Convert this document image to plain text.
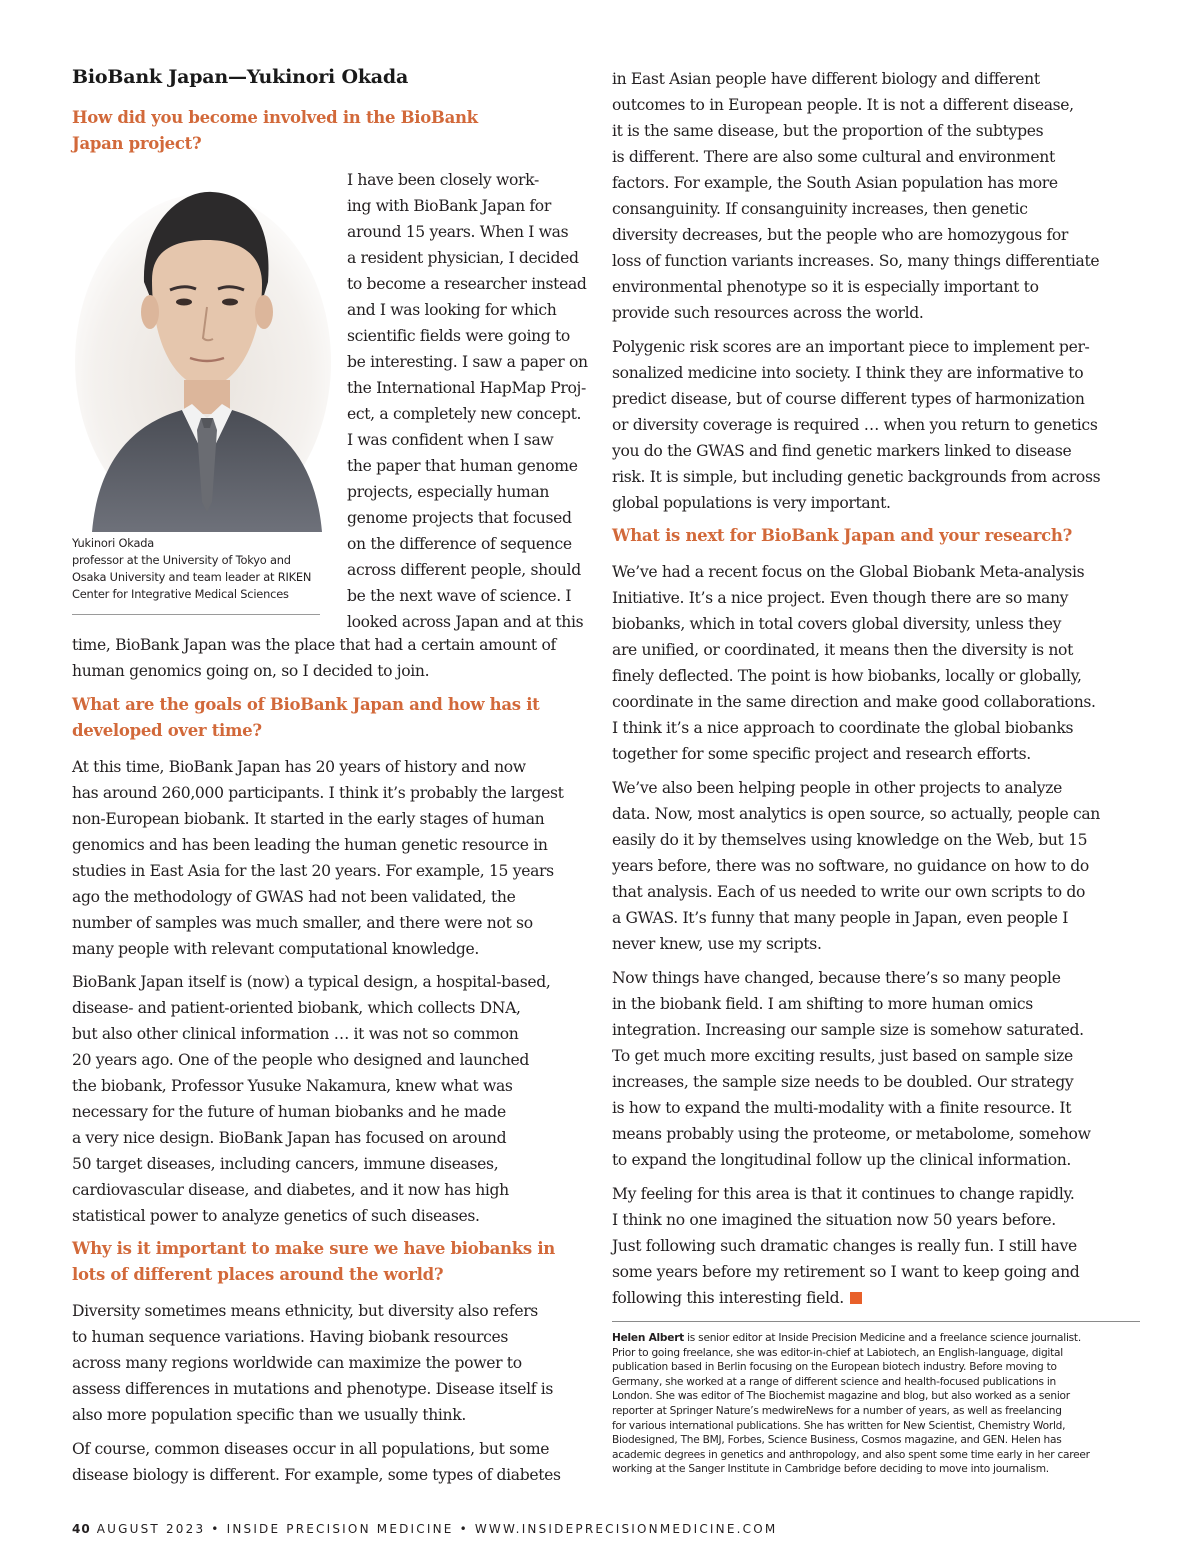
BioBank Japan—Yukinori Okada
How did you become involved in the BioBank
Japan project?

Yukinori Okada
professor at the University of Tokyo and
Osaka University and team leader at RIKEN
Center for Integrative Medical Sciences

I have been closely work-
ing with BioBank Japan for
around 15 years. When I was
a resident physician, I decided
to become a researcher instead
and I was looking for which
scientific fields were going to
be interesting. I saw a paper on
the International HapMap Proj-
ect, a completely new concept.
I was confident when I saw
the paper that human genome
projects, especially human
genome projects that focused
on the difference of sequence
across different people, should
be the next wave of science. I
looked across Japan and at this

time, BioBank Japan was the place that had a certain amount of
human genomics going on, so I decided to join.

What are the goals of BioBank Japan and how has it
developed over time?

At this time, BioBank Japan has 20 years of history and now
has around 260,000 participants. I think it’s probably the largest
non-European biobank. It started in the early stages of human
genomics and has been leading the human genetic resource in
studies in East Asia for the last 20 years. For example, 15 years
ago the methodology of GWAS had not been validated, the
number of samples was much smaller, and there were not so
many people with relevant computational knowledge.

BioBank Japan itself is (now) a typical design, a hospital-based,
disease- and patient-oriented biobank, which collects DNA,
but also other clinical information … it was not so common
20 years ago. One of the people who designed and launched
the biobank, Professor Yusuke Nakamura, knew what was
necessary for the future of human biobanks and he made
a very nice design. BioBank Japan has focused on around
50 target diseases, including cancers, immune diseases,
cardiovascular disease, and diabetes, and it now has high
statistical power to analyze genetics of such diseases.

Why is it important to make sure we have biobanks in
lots of different places around the world?

Diversity sometimes means ethnicity, but diversity also refers
to human sequence variations. Having biobank resources
across many regions worldwide can maximize the power to
assess differences in mutations and phenotype. Disease itself is
also more population specific than we usually think.

Of course, common diseases occur in all populations, but some
disease biology is different. For example, some types of diabetes

in East Asian people have different biology and different
outcomes to in European people. It is not a different disease,
it is the same disease, but the proportion of the subtypes
is different. There are also some cultural and environment
factors. For example, the South Asian population has more
consanguinity. If consanguinity increases, then genetic
diversity decreases, but the people who are homozygous for
loss of function variants increases. So, many things differentiate
environmental phenotype so it is especially important to
provide such resources across the world.

Polygenic risk scores are an important piece to implement per-
sonalized medicine into society. I think they are informative to
predict disease, but of course different types of harmonization
or diversity coverage is required … when you return to genetics
you do the GWAS and find genetic markers linked to disease
risk. It is simple, but including genetic backgrounds from across
global populations is very important.

What is next for BioBank Japan and your research?

We’ve had a recent focus on the Global Biobank Meta-analysis
Initiative. It’s a nice project. Even though there are so many
biobanks, which in total covers global diversity, unless they
are unified, or coordinated, it means then the diversity is not
finely deflected. The point is how biobanks, locally or globally,
coordinate in the same direction and make good collaborations.
I think it’s a nice approach to coordinate the global biobanks
together for some specific project and research efforts.

We’ve also been helping people in other projects to analyze
data. Now, most analytics is open source, so actually, people can
easily do it by themselves using knowledge on the Web, but 15
years before, there was no software, no guidance on how to do
that analysis. Each of us needed to write our own scripts to do
a GWAS. It’s funny that many people in Japan, even people I
never knew, use my scripts.

Now things have changed, because there’s so many people
in the biobank field. I am shifting to more human omics
integration. Increasing our sample size is somehow saturated.
To get much more exciting results, just based on sample size
increases, the sample size needs to be doubled. Our strategy
is how to expand the multi-modality with a finite resource. It
means probably using the proteome, or metabolome, somehow
to expand the longitudinal follow up the clinical information.

My feeling for this area is that it continues to change rapidly.
I think no one imagined the situation now 50 years before.
Just following such dramatic changes is really fun. I still have
some years before my retirement so I want to keep going and
following this interesting field.

Helen Albert is senior editor at Inside Precision Medicine and a freelance science journalist.
Prior to going freelance, she was editor-in-chief at Labiotech, an English-language, digital
publication based in Berlin focusing on the European biotech industry. Before moving to
Germany, she worked at a range of different science and health-focused publications in
London. She was editor of The Biochemist magazine and blog, but also worked as a senior
reporter at Springer Nature’s medwireNews for a number of years, as well as freelancing
for various international publications. She has written for New Scientist, Chemistry World,
Biodesigned, The BMJ, Forbes, Science Business, Cosmos magazine, and GEN. Helen has
academic degrees in genetics and anthropology, and also spent some time early in her career
working at the Sanger Institute in Cambridge before deciding to move into journalism.

40 AUGUST 2023 • INSIDE PRECISION MEDICINE • WWW.INSIDEPRECISIONMEDICINE.COM
